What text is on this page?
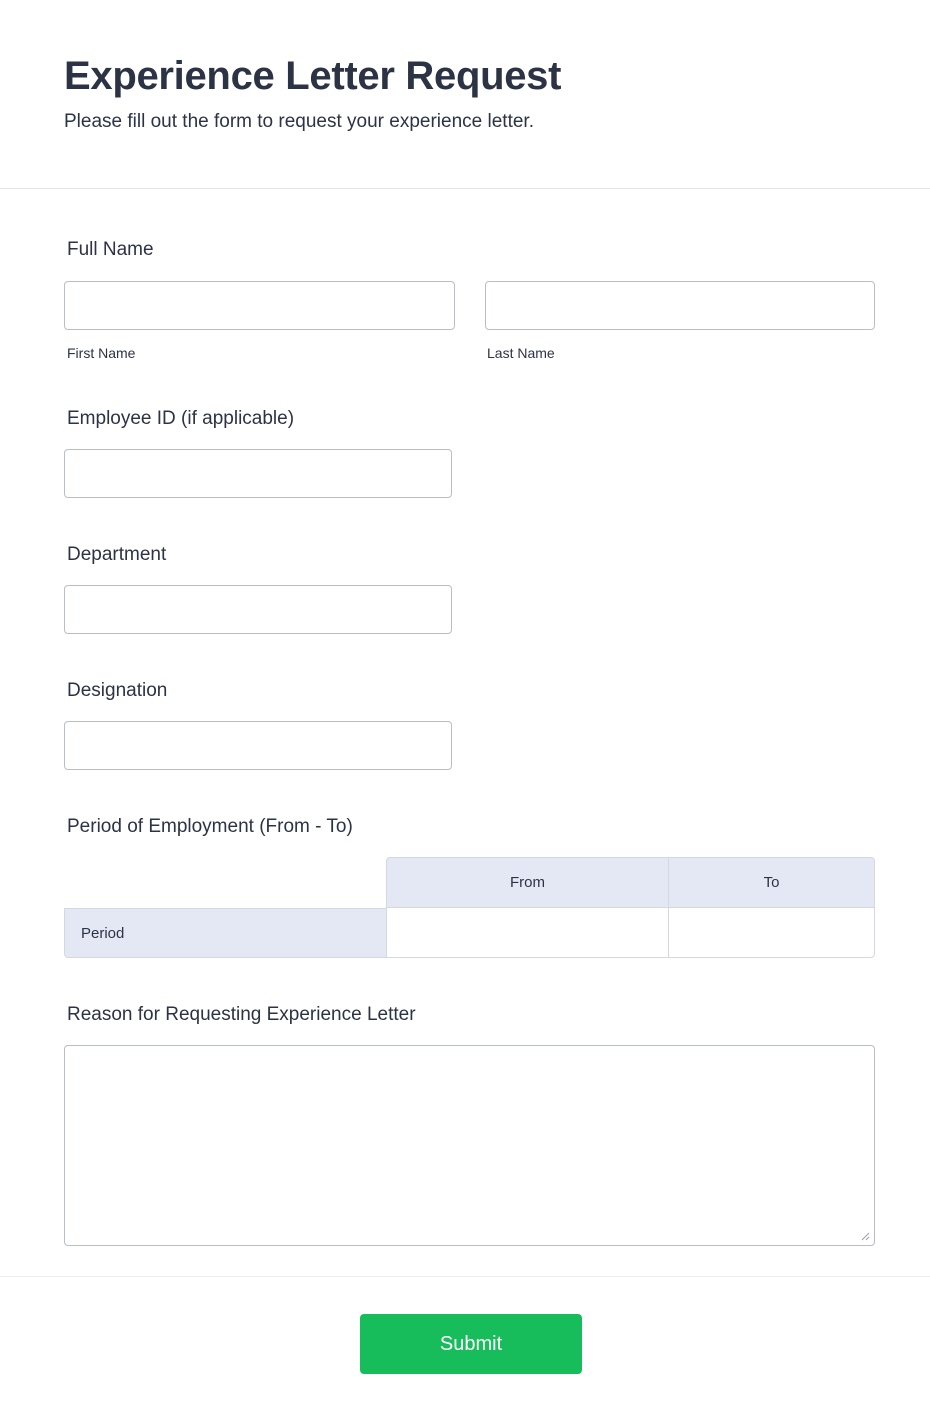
Experience Letter Request

Please fill out the form to request your experience letter.

Full Name
First Name	Last Name
Employee ID (if applicable)
Department
Designation
Period of Employment (From - To)
From	To
Period
Reason for Requesting Experience Letter
Submit
